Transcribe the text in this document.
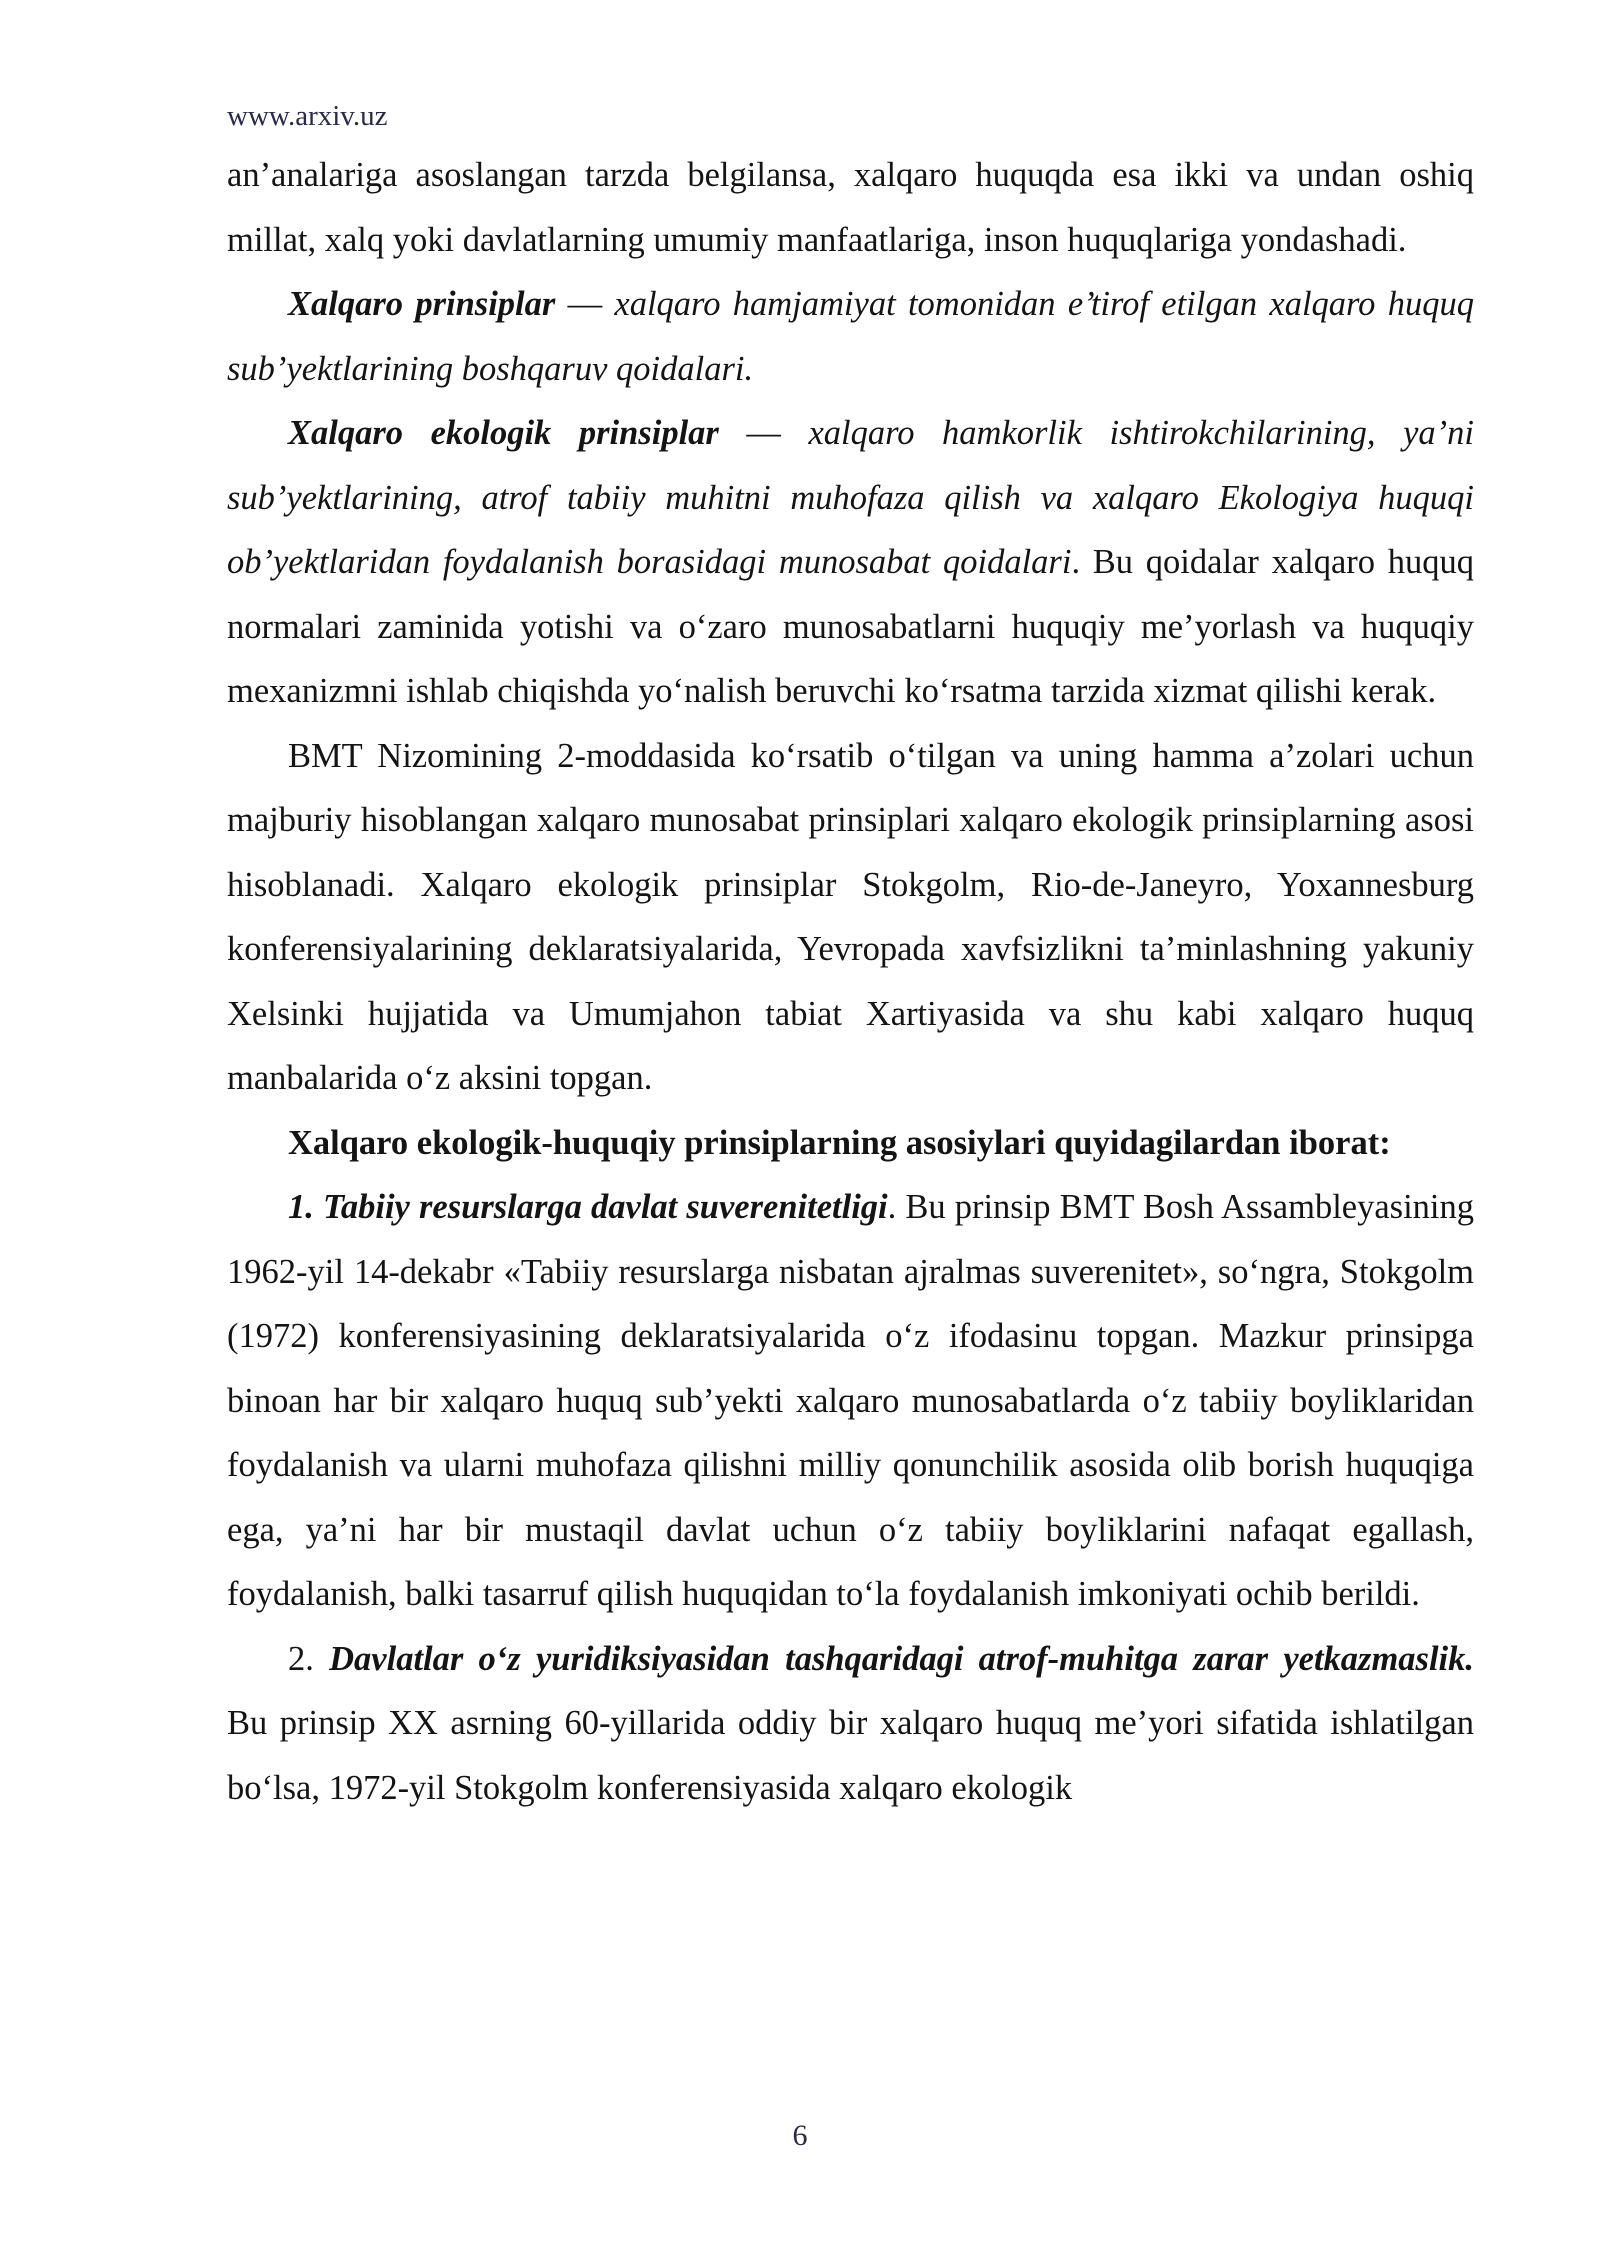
www.arxiv.uz

an’analariga asoslangan tarzda belgilansa, xalqaro huquqda esa ikki va undan oshiq millat, xalq yoki davlatlarning umumiy manfaatlariga, inson huquqlariga yondashadi.

Xalqaro prinsiplar — xalqaro hamjamiyat tomonidan e’tirof etilgan xalqaro huquq sub’yektlarining boshqaruv qoidalari.

Xalqaro ekologik prinsiplar — xalqaro hamkorlik ishtirokchilarining, ya’ni sub’yektlarining, atrof tabiiy muhitni muhofaza qilish va xalqaro Ekologiya huquqi ob’yektlaridan foydalanish borasidagi munosabat qoidalari. Bu qoidalar xalqaro huquq normalari zaminida yotishi va o‘zaro munosabatlarni huquqiy me’yorlash va huquqiy mexanizmni ishlab chiqishda yo‘nalish beruvchi ko‘rsatma tarzida xizmat qilishi kerak.

BMT Nizomining 2-moddasida ko‘rsatib o‘tilgan va uning hamma a’zolari uchun majburiy hisoblangan xalqaro munosabat prinsiplari xalqaro ekologik prinsiplarning asosi hisoblanadi. Xalqaro ekologik prinsiplar Stokgolm, Rio-de-Janeyro, Yoxannesburg konferensiyalarining deklaratsiyalarida, Yevropada xavfsizlikni ta’minlashning yakuniy Xelsinki hujjatida va Umumjahon tabiat Xartiyasida va shu kabi xalqaro huquq manbalarida o‘z aksini topgan.

Xalqaro ekologik-huquqiy prinsiplarning asosiylari quyidagilardan iborat:

1. Tabiiy resurslarga davlat suverenitetligi. Bu prinsip BMT Bosh Assambleyasining 1962-yil 14-dekabr «Tabiiy resurslarga nisbatan ajralmas suverenitet», so‘ngra, Stokgolm (1972) konferensiyasining deklaratsiyalarida o‘z ifodasinu topgan. Mazkur prinsipga binoan har bir xalqaro huquq sub’yekti xalqaro munosabatlarda o‘z tabiiy boyliklaridan foydalanish va ularni muhofaza qilishni milliy qonunchilik asosida olib borish huquqiga ega, ya’ni har bir mustaqil davlat uchun o‘z tabiiy boyliklarini nafaqat egallash, foydalanish, balki tasarruf qilish huquqidan to‘la foydalanish imkoniyati ochib berildi.

2. Davlatlar o‘z yuridiksiyasidan tashqaridagi atrof-muhitga zarar yetkazmaslik. Bu prinsip XX asrning 60-yillarida oddiy bir xalqaro huquq me’yori sifatida ishlatilgan bo‘lsa, 1972-yil Stokgolm konferensiyasida xalqaro ekologik

6
